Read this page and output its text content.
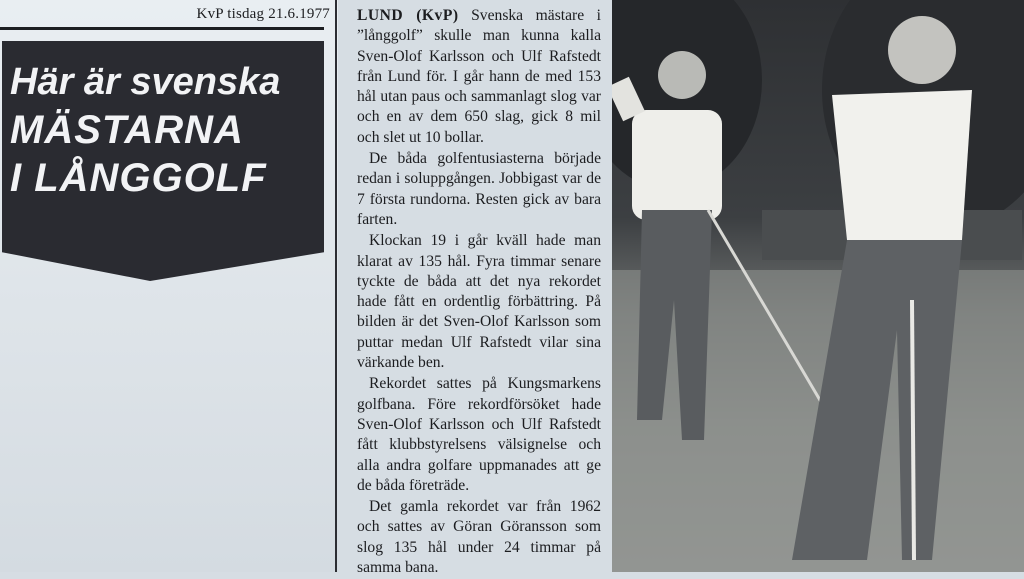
KvP tisdag 21.6.1977
Här är svenska
MÄSTARNA
I LÅNGGOLF

LUND (KvP) Svenska mästare i ”långgolf” skulle man kunna kalla Sven-Olof Karlsson och Ulf Rafstedt från Lund för. I går hann de med 153 hål utan paus och sammanlagt slog var och en av dem 650 slag, gick 8 mil och slet ut 10 bollar.

De båda golfentusiasterna började redan i soluppgången. Jobbigast var de 7 första rundorna. Resten gick av bara farten.

Klockan 19 i går kväll hade man klarat av 135 hål. Fyra timmar senare tyckte de båda att det nya rekordet hade fått en ordentlig förbättring. På bilden är det Sven-Olof Karlsson som puttar medan Ulf Rafstedt vilar sina värkande ben.

Rekordet sattes på Kungsmarkens golfbana. Före rekordförsöket hade Sven-Olof Karlsson och Ulf Rafstedt fått klubbstyrelsens välsignelse och alla andra golfare uppmanades att ge de båda företräde.

Det gamla rekordet var från 1962 och sattes av Göran Göransson som slog 135 hål under 24 timmar på samma bana.
